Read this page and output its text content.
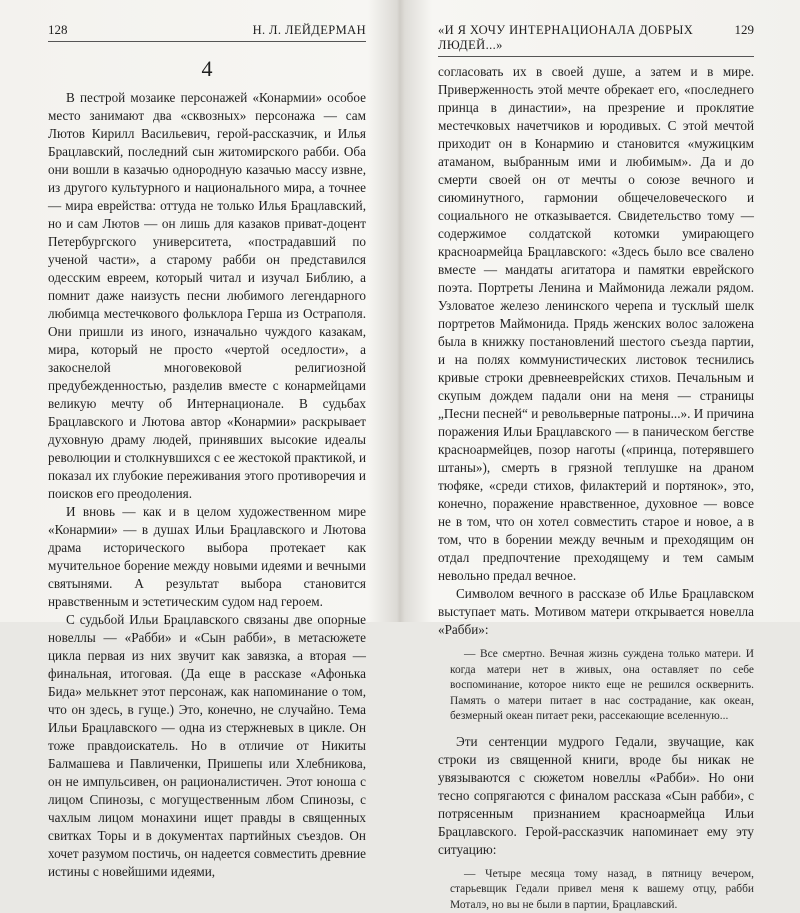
128	Н. Л. ЛЕЙДЕРМАН
4

В пестрой мозаике персонажей «Конармии» особое место занимают два «сквозных» персонажа — сам Лютов Кирилл Васильевич, герой-рассказчик, и Илья Брацлавский, последний сын житомирского рабби. Оба они вошли в казачью однородную казачью массу извне, из другого культурного и национального мира, а точнее — мира еврейства: оттуда не только Илья Брацлавский, но и сам Лютов — он лишь для казаков приват-доцент Петербургского университета, «пострадавший по ученой части», а старому рабби он представился одесским евреем, который читал и изучал Библию, а помнит даже наизусть песни любимого легендарного любимца местечкового фольклора Герша из Остраполя. Они пришли из иного, изначально чуждого казакам, мира, который не просто «чертой оседлости», а закоснелой многовековой религиозной предубежденностью, разделив вместе с конармейцами великую мечту об Интернационале. В судьбах Брацлавского и Лютова автор «Конармии» раскрывает духовную драму людей, принявших высокие идеалы революции и столкнувшихся с ее жестокой практикой, и показал их глубокие переживания этого противоречия и поисков его преодоления.

И вновь — как и в целом художественном мире «Конармии» — в душах Ильи Брацлавского и Лютова драма исторического выбора протекает как мучительное борение между новыми идеями и вечными святынями. А результат выбора становится нравственным и эстетическим судом над героем.

С судьбой Ильи Брацлавского связаны две опорные новеллы — «Рабби» и «Сын рабби», в метасюжете цикла первая из них звучит как завязка, а вторая — финальная, итоговая. (Да еще в рассказе «Афонька Бида» мелькнет этот персонаж, как напоминание о том, что он здесь, в гуще.) Это, конечно, не случайно. Тема Ильи Брацлавского — одна из стержневых в цикле. Он тоже правдоискатель. Но в отличие от Никиты Балмашева и Павличенки, Пришепы или Хлебникова, он не импульсивен, он рационалистичен. Этот юноша с лицом Спинозы, с могущественным лбом Спинозы, с чахлым лицом монахини ищет правды в священных свитках Торы и в документах партийных съездов. Он хочет разумом постичь, он надеется совместить древние истины с новейшими идеями,

«И Я ХОЧУ ИНТЕРНАЦИОНАЛА ДОБРЫХ ЛЮДЕЙ...»
129

согласовать их в своей душе, а затем и в мире. Приверженность этой мечте обрекает его, «последнего принца в династии», на презрение и проклятие местечковых начетчиков и юродивых. С этой мечтой приходит он в Конармию и становится «мужицким атаманом, выбранным ими и любимым». Да и до смерти своей он от мечты о союзе вечного и сиюминутного, гармонии общечеловеческого и социального не отказывается. Свидетельство тому — содержимое солдатской котомки умирающего красноармейца Брацлавского: «Здесь было все свалено вместе — мандаты агитатора и памятки еврейского поэта. Портреты Ленина и Маймонида лежали рядом. Узловатое железо ленинского черепа и тусклый шелк портретов Маймонида. Прядь женских волос заложена была в книжку постановлений шестого съезда партии, и на полях коммунистических листовок теснились кривые строки древнееврейских стихов. Печальным и скупым дождем падали они на меня — страницы „Песни песней“ и револьверные патроны...». И причина поражения Ильи Брацлавского — в паническом бегстве красноармейцев, позор наготы («принца, потерявшего штаны»), смерть в грязной теплушке на драном тюфяке, «среди стихов, филактерий и портянок», это, конечно, поражение нравственное, духовное — вовсе не в том, что он хотел совместить старое и новое, а в том, что в борении между вечным и преходящим он отдал предпочтение преходящему и тем самым невольно предал вечное.

Символом вечного в рассказе об Илье Брацлавском выступает мать. Мотивом матери открывается новелла «Рабби»:

— Все смертно. Вечная жизнь суждена только матери. И когда матери нет в живых, она оставляет по себе воспоминание, которое никто еще не решился осквернить. Память о матери питает в нас сострадание, как океан, безмерный океан питает реки, рассекающие вселенную...

Эти сентенции мудрого Гедали, звучащие, как строки из священной книги, вроде бы никак не увязываются с сюжетом новеллы «Рабби». Но они тесно сопрягаются с финалом рассказа «Сын рабби», с потрясенным признанием красноармейца Ильи Брацлавского. Герой-рассказчик напоминает ему эту ситуацию:

— Четыре месяца тому назад, в пятницу вечером, старьевщик Гедали привел меня к вашему отцу, рабби Моталэ, но вы не были в партии, Брацлавский.
